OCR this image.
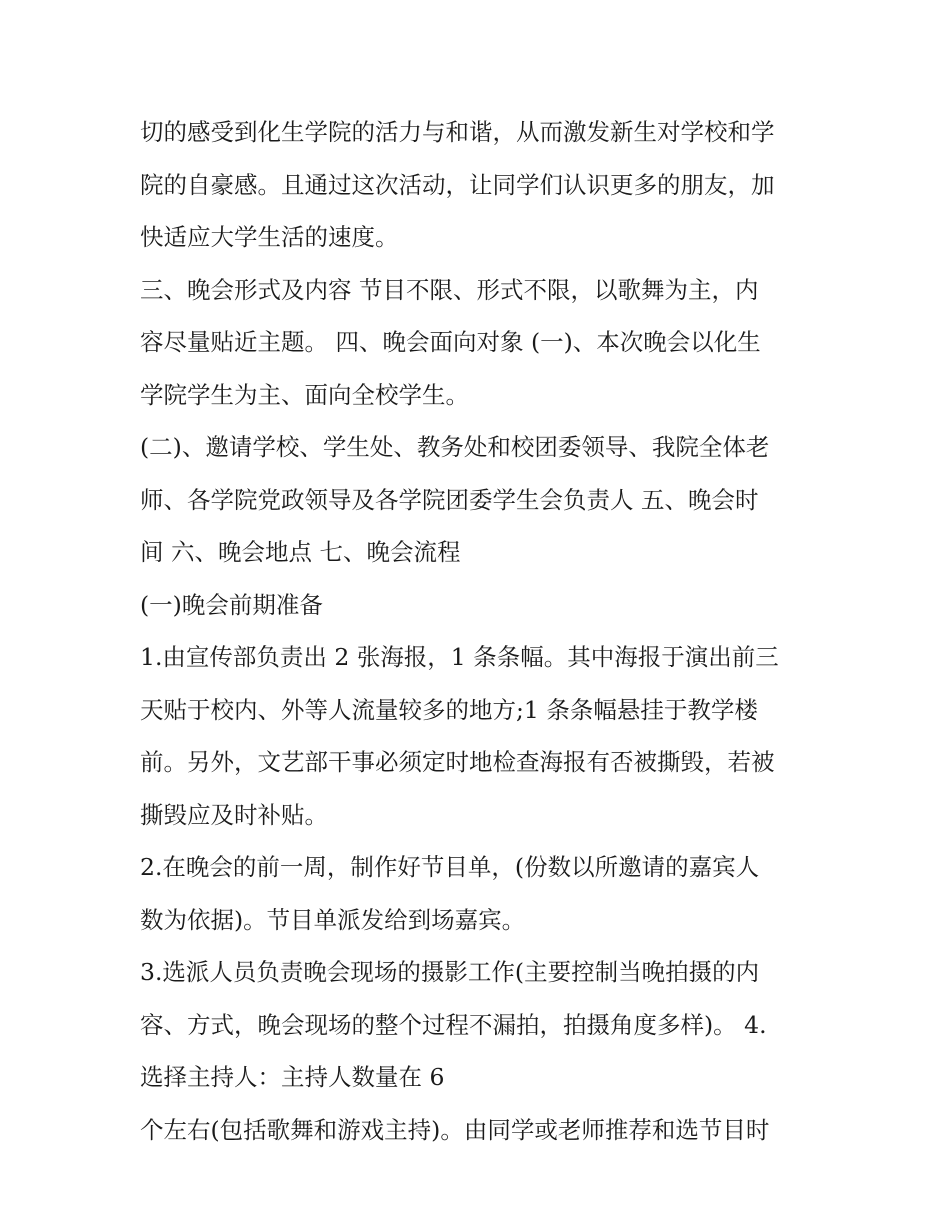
切的感受到化生学院的活力与和谐，从而激发新生对学校和学
院的自豪感。且通过这次活动，让同学们认识更多的朋友，加
快适应大学生活的速度。
三、晚会形式及内容 节目不限、形式不限，以歌舞为主，内
容尽量贴近主题。 四、晚会面向对象 (一)、本次晚会以化生
学院学生为主、面向全校学生。
(二)、邀请学校、学生处、教务处和校团委领导、我院全体老
师、各学院党政领导及各学院团委学生会负责人 五、晚会时
间 六、晚会地点 七、晚会流程
(一)晚会前期准备
1.由宣传部负责出 2 张海报，1 条条幅。其中海报于演出前三
天贴于校内、外等人流量较多的地方;1 条条幅悬挂于教学楼
前。另外，文艺部干事必须定时地检查海报有否被撕毁，若被
撕毁应及时补贴。
2.在晚会的前一周，制作好节目单，(份数以所邀请的嘉宾人
数为依据)。节目单派发给到场嘉宾。
3.选派人员负责晚会现场的摄影工作(主要控制当晚拍摄的内
容、方式，晚会现场的整个过程不漏拍，拍摄角度多样)。 4.
选择主持人：主持人数量在 6
个左右(包括歌舞和游戏主持)。由同学或老师推荐和选节目时
